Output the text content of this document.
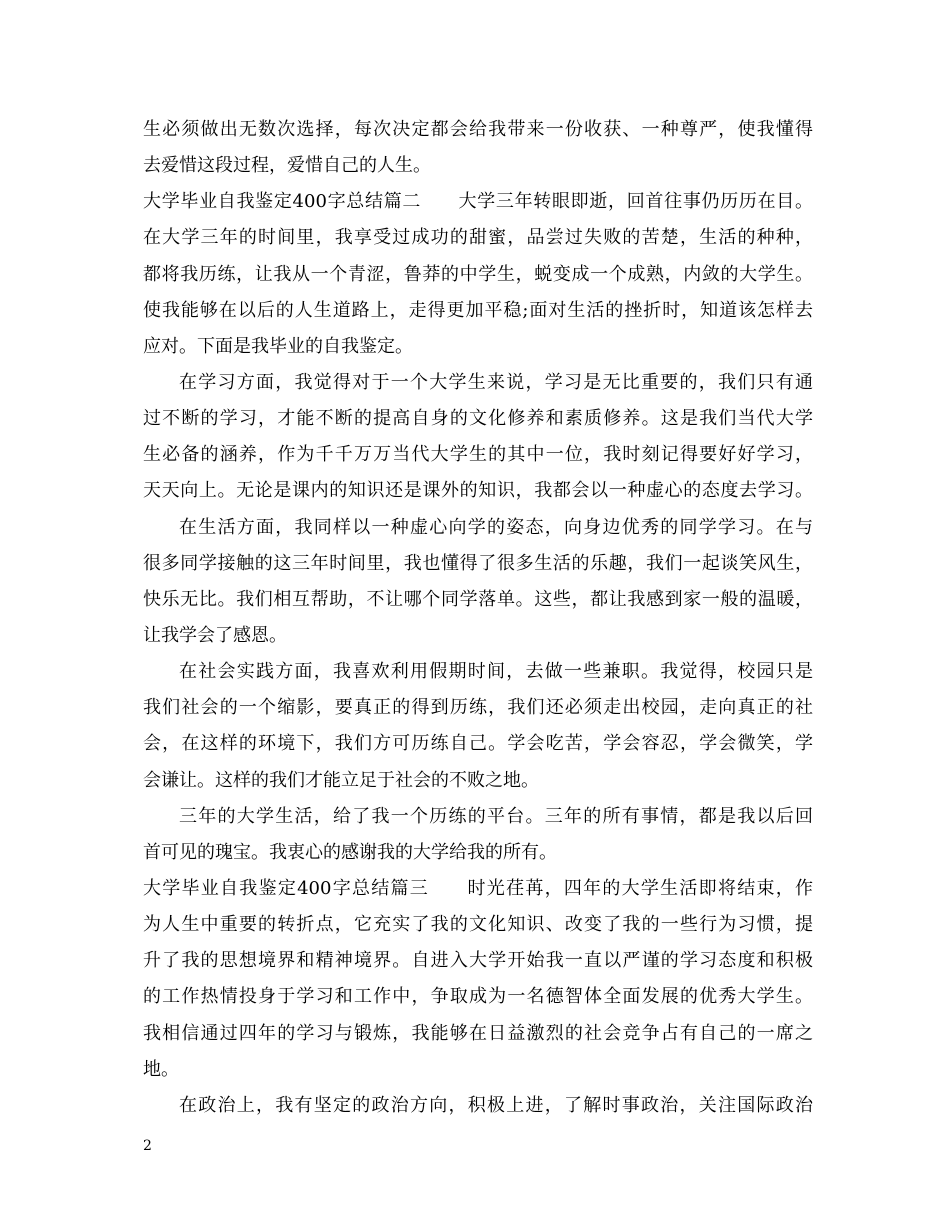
生必须做出无数次选择，每次决定都会给我带来一份收获、一种尊严，使我懂得
去爱惜这段过程，爱惜自己的人生。
大学毕业自我鉴定400字总结篇二　　大学三年转眼即逝，回首往事仍历历在目。
在大学三年的时间里，我享受过成功的甜蜜，品尝过失败的苦楚，生活的种种，
都将我历练，让我从一个青涩，鲁莽的中学生，蜕变成一个成熟，内敛的大学生。
使我能够在以后的人生道路上，走得更加平稳;面对生活的挫折时，知道该怎样去
应对。下面是我毕业的自我鉴定。
在学习方面，我觉得对于一个大学生来说，学习是无比重要的，我们只有通
过不断的学习，才能不断的提高自身的文化修养和素质修养。这是我们当代大学
生必备的涵养，作为千千万万当代大学生的其中一位，我时刻记得要好好学习，
天天向上。无论是课内的知识还是课外的知识，我都会以一种虚心的态度去学习。
在生活方面，我同样以一种虚心向学的姿态，向身边优秀的同学学习。在与
很多同学接触的这三年时间里，我也懂得了很多生活的乐趣，我们一起谈笑风生，
快乐无比。我们相互帮助，不让哪个同学落单。这些，都让我感到家一般的温暖，
让我学会了感恩。
在社会实践方面，我喜欢利用假期时间，去做一些兼职。我觉得，校园只是
我们社会的一个缩影，要真正的得到历练，我们还必须走出校园，走向真正的社
会，在这样的环境下，我们方可历练自己。学会吃苦，学会容忍，学会微笑，学
会谦让。这样的我们才能立足于社会的不败之地。
三年的大学生活，给了我一个历练的平台。三年的所有事情，都是我以后回
首可见的瑰宝。我衷心的感谢我的大学给我的所有。
大学毕业自我鉴定400字总结篇三　　时光荏苒，四年的大学生活即将结束，作
为人生中重要的转折点，它充实了我的文化知识、改变了我的一些行为习惯，提
升了我的思想境界和精神境界。自进入大学开始我一直以严谨的学习态度和积极
的工作热情投身于学习和工作中，争取成为一名德智体全面发展的优秀大学生。
我相信通过四年的学习与锻炼，我能够在日益激烈的社会竞争占有自己的一席之
地。
在政治上，我有坚定的政治方向，积极上进，了解时事政治，关注国际政治
2
